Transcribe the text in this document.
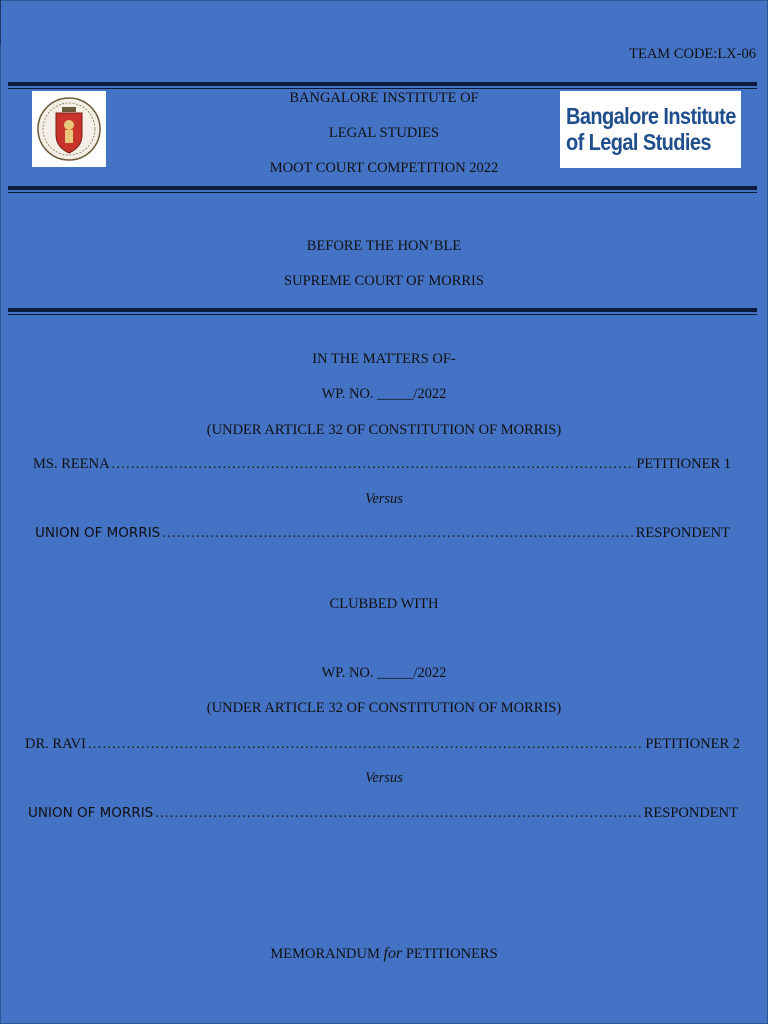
TEAM CODE:LX-06
BANGALORE INSTITUTE OF
LEGAL STUDIES
MOOT COURT COMPETITION 2022
Bangalore Institute
of Legal Studies
BEFORE THE HON’BLE
SUPREME COURT OF MORRIS
IN THE MATTERS OF-
WP. NO. _____/2022
(UNDER ARTICLE 32 OF CONSTITUTION OF MORRIS)
MS. REENA .....	PETITIONER 1
Versus
UNION OF MORRIS .....	RESPONDENT
CLUBBED WITH
WP. NO. _____/2022
(UNDER ARTICLE 32 OF CONSTITUTION OF MORRIS)
DR. RAVI .....	PETITIONER 2
Versus
UNION OF MORRIS .....	RESPONDENT
MEMORANDUM for PETITIONERS
